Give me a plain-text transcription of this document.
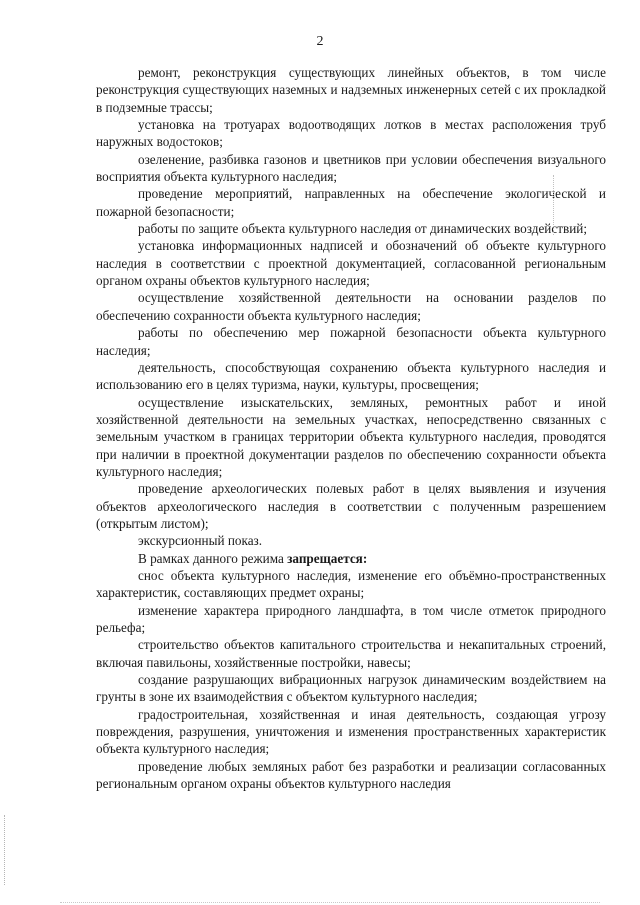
2

ремонт, реконструкция существующих линейных объектов, в том числе реконструкция существующих наземных и надземных инженерных сетей с их прокладкой в подземные трассы;

установка на тротуарах водоотводящих лотков в местах расположения труб наружных водостоков;

озеленение, разбивка газонов и цветников при условии обеспечения визуального восприятия объекта культурного наследия;

проведение мероприятий, направленных на обеспечение экологической и пожарной безопасности;

работы по защите объекта культурного наследия от динамических воздействий;

установка информационных надписей и обозначений об объекте культурного наследия в соответствии с проектной документацией, согласованной региональным органом охраны объектов культурного наследия;

осуществление хозяйственной деятельности на основании разделов по обеспечению сохранности объекта культурного наследия;

работы по обеспечению мер пожарной безопасности объекта культурного наследия;

деятельность, способствующая сохранению объекта культурного наследия и использованию его в целях туризма, науки, культуры, просвещения;

осуществление изыскательских, земляных, ремонтных работ и иной хозяйственной деятельности на земельных участках, непосредственно связанных с земельным участком в границах территории объекта культурного наследия, проводятся при наличии в проектной документации разделов по обеспечению сохранности объекта культурного наследия;

проведение археологических полевых работ в целях выявления и изучения объектов археологического наследия в соответствии с полученным разрешением (открытым листом);

экскурсионный показ.

В рамках данного режима запрещается:

снос объекта культурного наследия, изменение его объёмно-пространственных характеристик, составляющих предмет охраны;

изменение характера природного ландшафта, в том числе отметок природного рельефа;

строительство объектов капитального строительства и некапитальных строений, включая павильоны, хозяйственные постройки, навесы;

создание разрушающих вибрационных нагрузок динамическим воздействием на грунты в зоне их взаимодействия с объектом культурного наследия;

градостроительная, хозяйственная и иная деятельность, создающая угрозу повреждения, разрушения, уничтожения и изменения пространственных характеристик объекта культурного наследия;

проведение любых земляных работ без разработки и реализации согласованных региональным органом охраны объектов культурного наследия
